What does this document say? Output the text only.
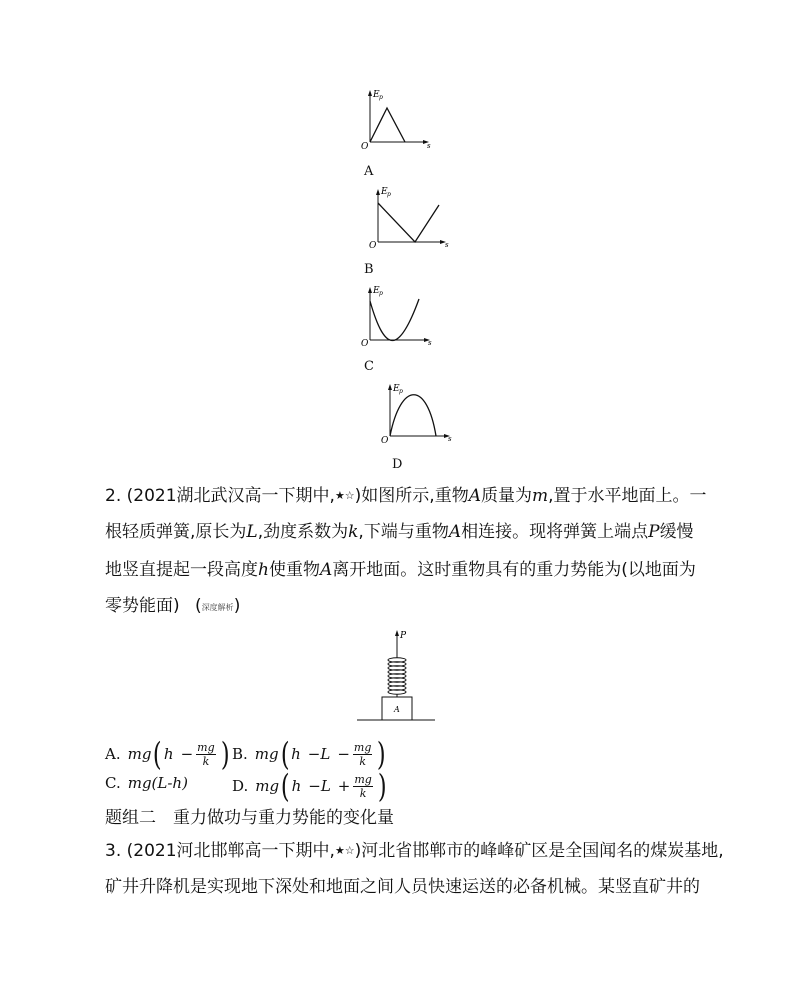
E p
O	s
A
E p
O	s
B
E p
O	s
C
E p
O	s
D
2. (2021湖北武汉高一下期中,★☆)如图所示,重物A质量为m,置于水平地面上。一
根轻质弹簧,原长为L,劲度系数为k,下端与重物A相连接。现将弹簧上端点P缓慢
地竖直提起一段高度h使重物A离开地面。这时重物具有的重力势能为(以地面为
零势能面) (深度解析)
P
A
A. mg ( $h - \frac{mg}{k}$ ) B. mg ( $h - L - \frac{mg}{k}$ )
C. mg (L-h)	D. mg ( $h - L + \frac{mg}{k}$ )
题组二　重力做功与重力势能的变化量
3. (2021河北邯郸高一下期中,★☆)河北省邯郸市的峰峰矿区是全国闻名的煤炭基地,
矿井升降机是实现地下深处和地面之间人员快速运送的必备机械。某竖直矿井的
